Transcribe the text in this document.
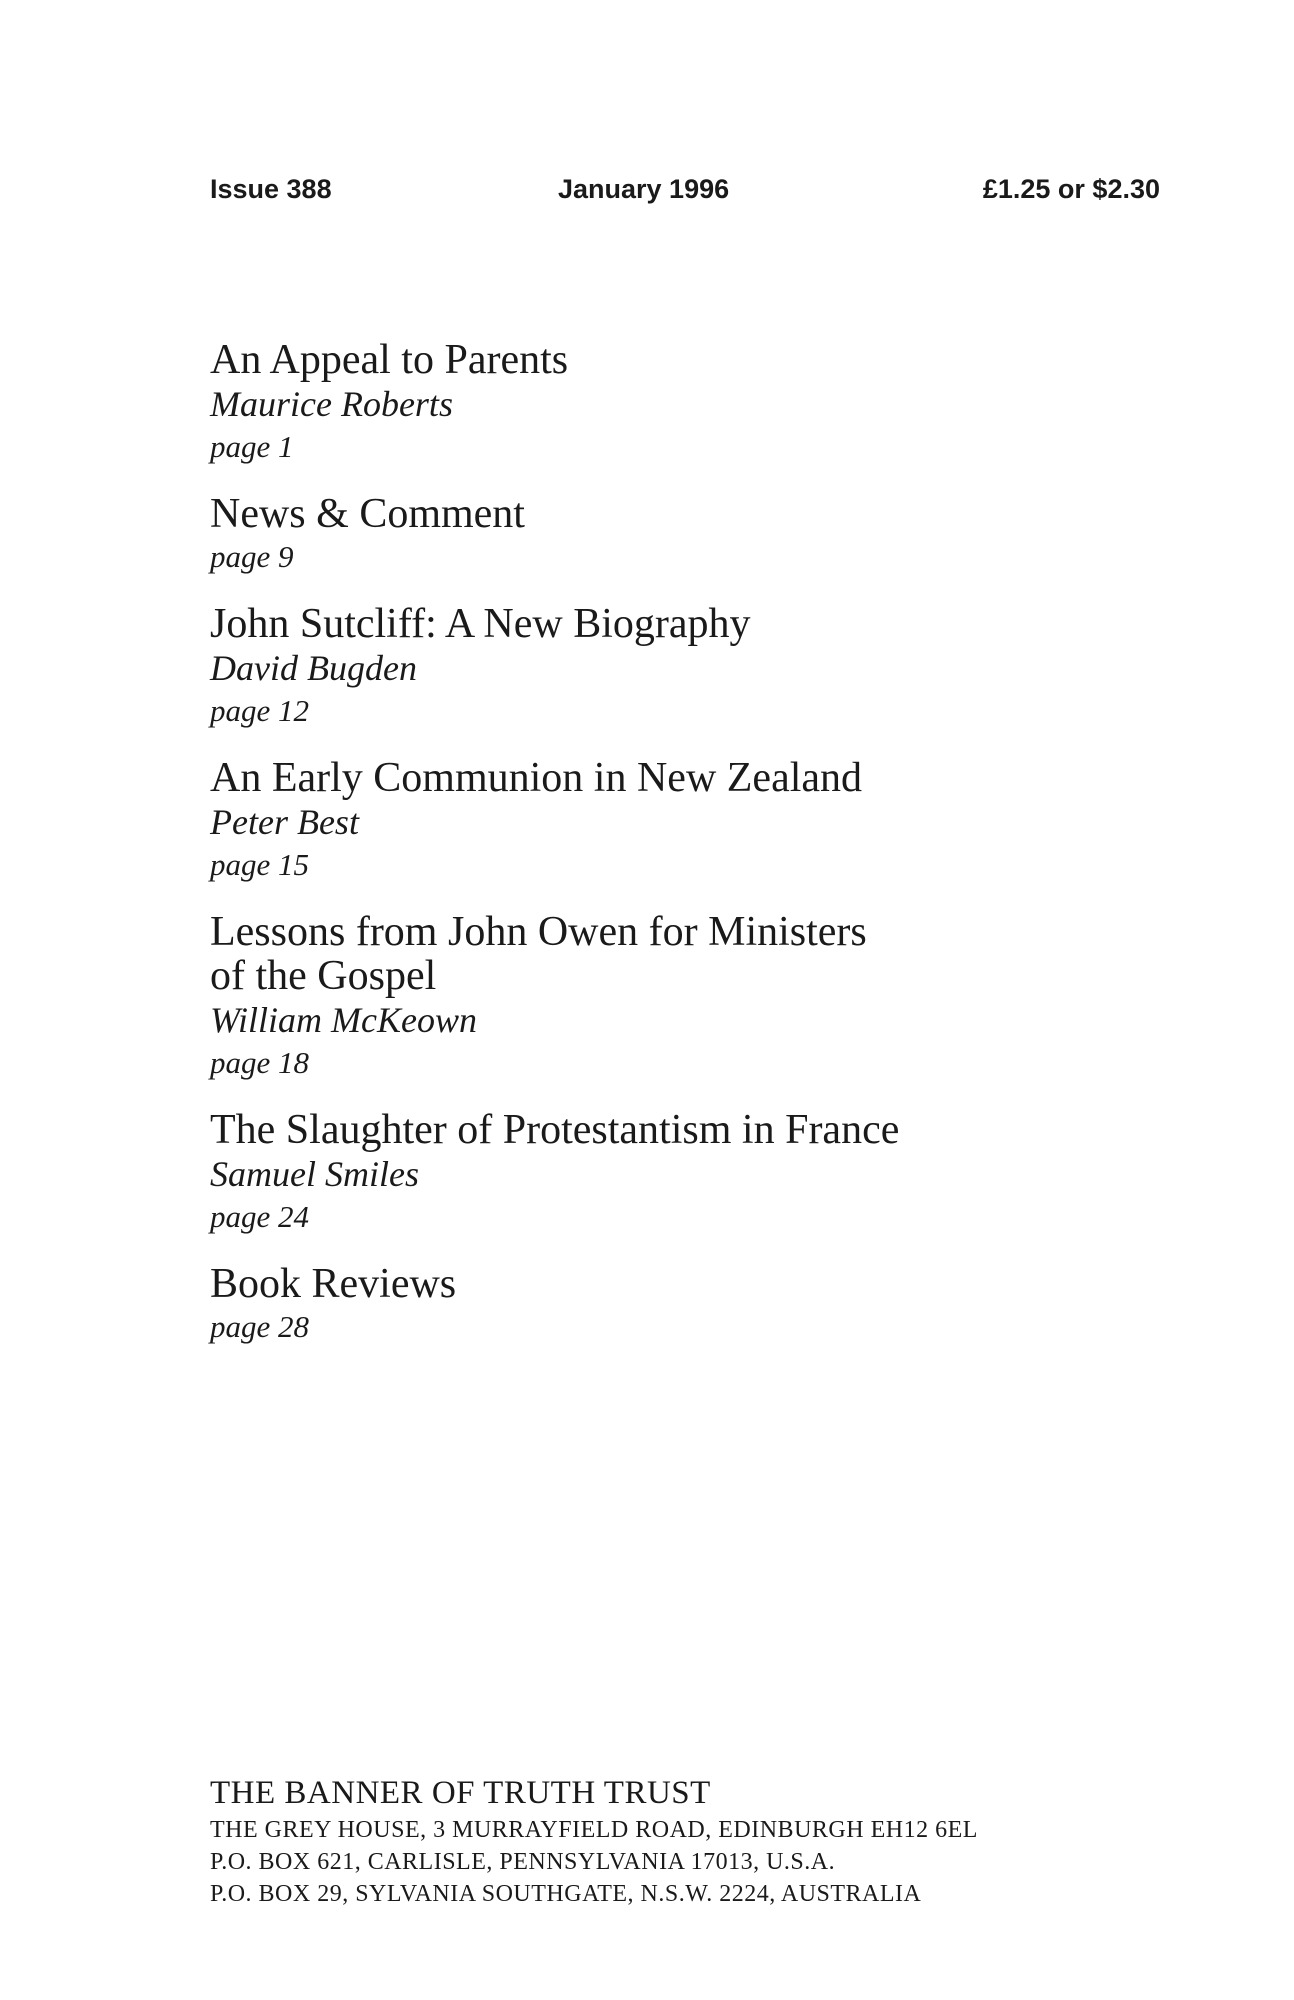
Issue 388	January 1996	£1.25 or $2.30
An Appeal to Parents
Maurice Roberts
page 1
News & Comment
page 9
John Sutcliff: A New Biography
David Bugden
page 12
An Early Communion in New Zealand
Peter Best
page 15
Lessons from John Owen for Ministers
of the Gospel
William McKeown
page 18
The Slaughter of Protestantism in France
Samuel Smiles
page 24
Book Reviews
page 28
THE BANNER OF TRUTH TRUST
THE GREY HOUSE, 3 MURRAYFIELD ROAD, EDINBURGH EH12 6EL
P.O. BOX 621, CARLISLE, PENNSYLVANIA 17013, U.S.A.
P.O. BOX 29, SYLVANIA SOUTHGATE, N.S.W. 2224, AUSTRALIA
